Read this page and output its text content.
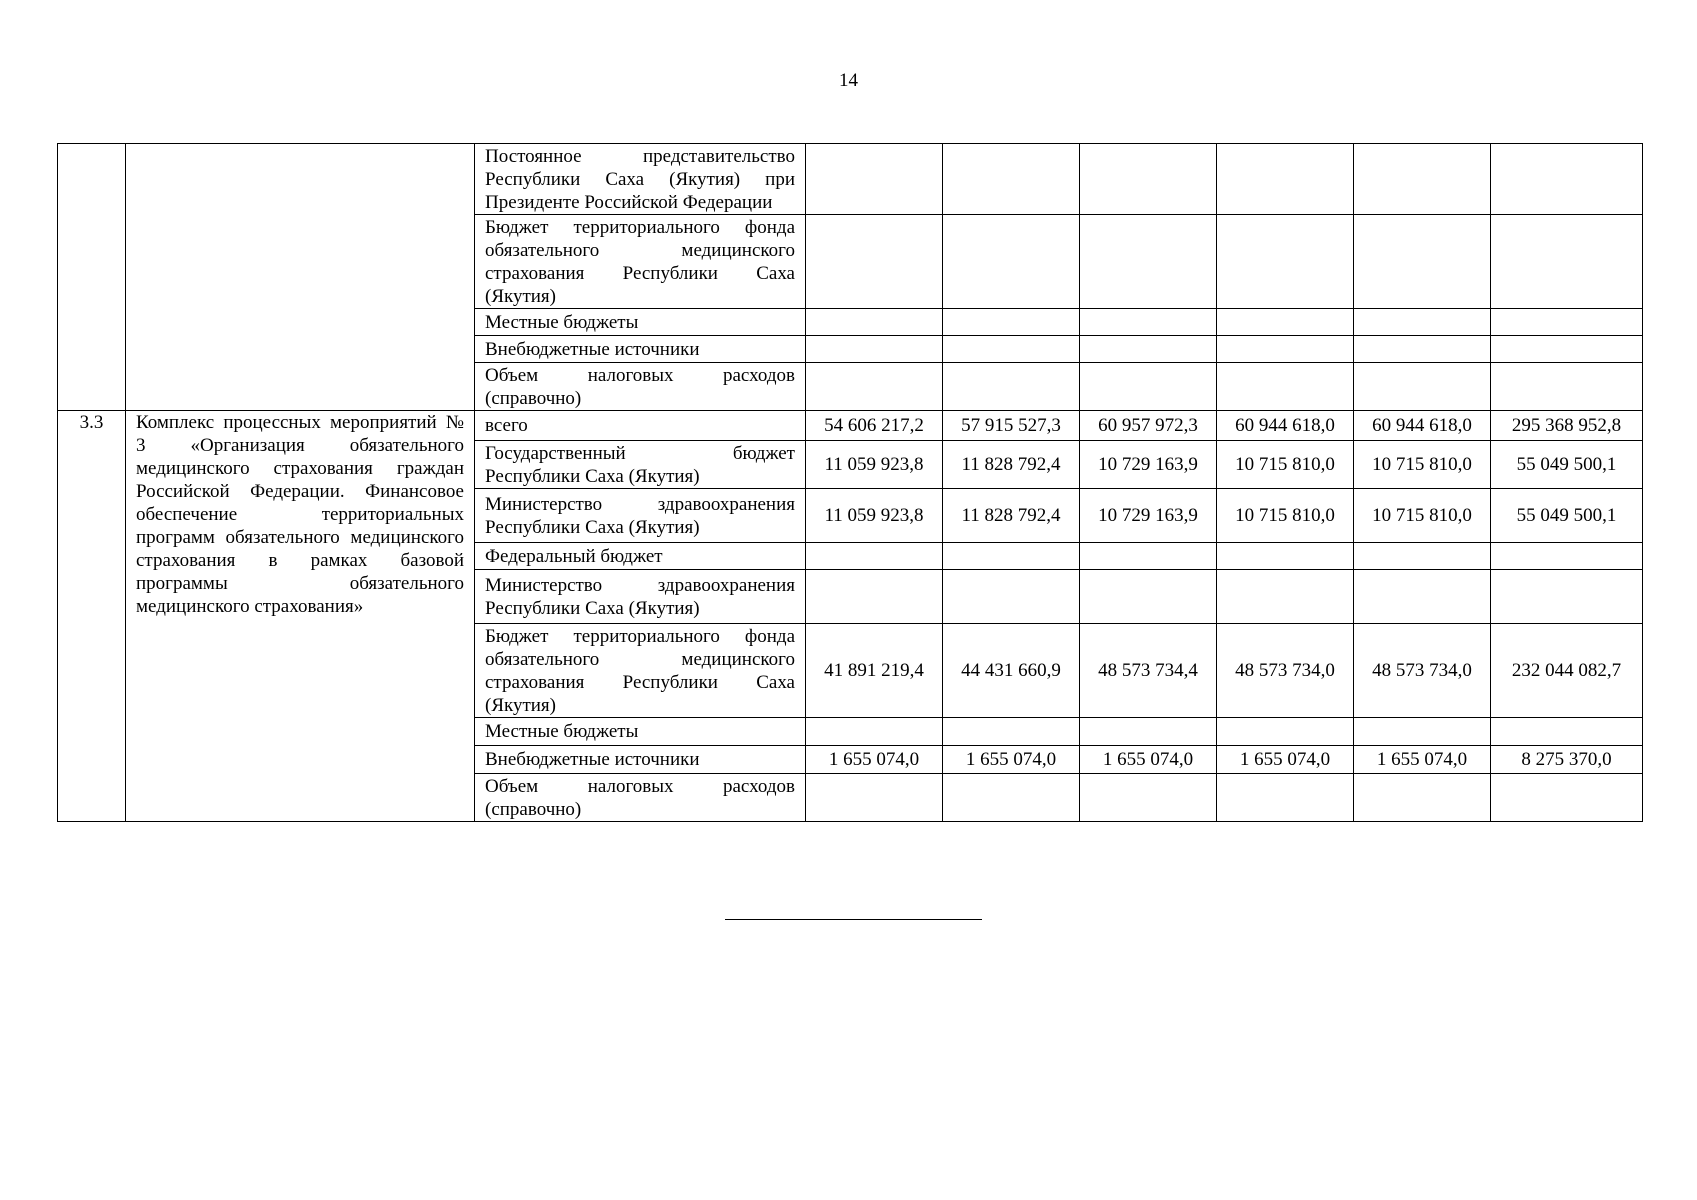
14

		Постоянное представительство
Республики Саха (Якутия) при
Президенте Российской Федерации						

		Бюджет территориального фонда
обязательного медицинского
страхования Республики Саха
(Якутия)						

		Местные бюджеты						
		Внебюджетные источники						

		Объем налоговых расходов
(справочно)						

3.3	Комплекс процессных мероприятий № 3 «Организация обязательного медицинского страхования граждан Российской Федерации. Финансовое обеспечение территориальных программ обязательного медицинского страхования в рамках базовой программы обязательного медицинского страхования»	всего	54 606 217,2	57 915 527,3	60 957 972,3	60 944 618,0	60 944 618,0	295 368 952,8

		Государственный бюджет
Республики Саха (Якутия)	11 059 923,8	11 828 792,4	10 729 163,9	10 715 810,0	10 715 810,0	55 049 500,1

		Министерство здравоохранения
Республики Саха (Якутия)	11 059 923,8	11 828 792,4	10 729 163,9	10 715 810,0	10 715 810,0	55 049 500,1
		Федеральный бюджет						

		Министерство здравоохранения
Республики Саха (Якутия)						

		Бюджет территориального фонда
обязательного медицинского
страхования Республики Саха
(Якутия)	41 891 219,4	44 431 660,9	48 573 734,4	48 573 734,0	48 573 734,0	232 044 082,7
		Местные бюджеты						
		Внебюджетные источники	1 655 074,0	1 655 074,0	1 655 074,0	1 655 074,0	1 655 074,0	8 275 370,0

		Объем налоговых расходов
(справочно)						
